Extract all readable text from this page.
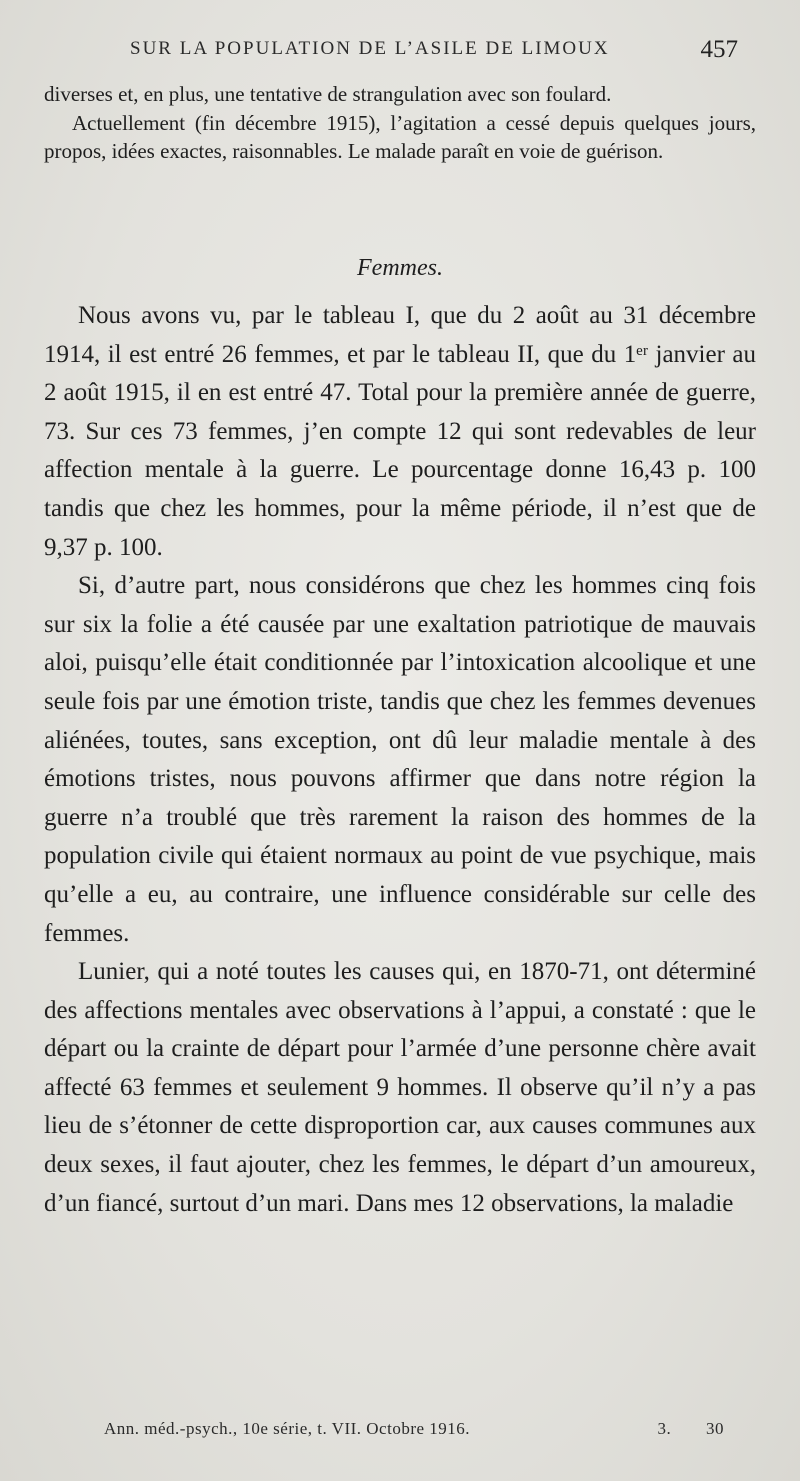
SUR LA POPULATION DE L’ASILE DE LIMOUX	457

diverses et, en plus, une tentative de strangulation avec son foulard.

Actuellement (fin décembre 1915), l’agitation a cessé depuis quelques jours, propos, idées exactes, raisonnables. Le malade paraît en voie de guérison.

Femmes.

Nous avons vu, par le tableau I, que du 2 août au 31 décembre 1914, il est entré 26 femmes, et par le tableau II, que du 1ᵉʳ janvier au 2 août 1915, il en est entré 47. Total pour la première année de guerre, 73. Sur ces 73 femmes, j’en compte 12 qui sont redevables de leur affection mentale à la guerre. Le pourcentage donne 16,43 p. 100 tandis que chez les hommes, pour la même période, il n’est que de 9,37 p. 100.

Si, d’autre part, nous considérons que chez les hommes cinq fois sur six la folie a été causée par une exaltation patriotique de mauvais aloi, puisqu’elle était conditionnée par l’intoxication alcoolique et une seule fois par une émotion triste, tandis que chez les femmes devenues aliénées, toutes, sans exception, ont dû leur maladie mentale à des émotions tristes, nous pouvons affirmer que dans notre région la guerre n’a troublé que très rarement la raison des hommes de la population civile qui étaient normaux au point de vue psychique, mais qu’elle a eu, au contraire, une influence considérable sur celle des femmes.

Lunier, qui a noté toutes les causes qui, en 1870-71, ont déterminé des affections mentales avec observations à l’appui, a constaté : que le départ ou la crainte de départ pour l’armée d’une personne chère avait affecté 63 femmes et seulement 9 hommes. Il observe qu’il n’y a pas lieu de s’étonner de cette disproportion car, aux causes communes aux deux sexes, il faut ajouter, chez les femmes, le départ d’un amoureux, d’un fiancé, surtout d’un mari. Dans mes 12 observations, la maladie

Ann. méd.-psych., 10e série, t. VII. Octobre 1916.	3. 30
